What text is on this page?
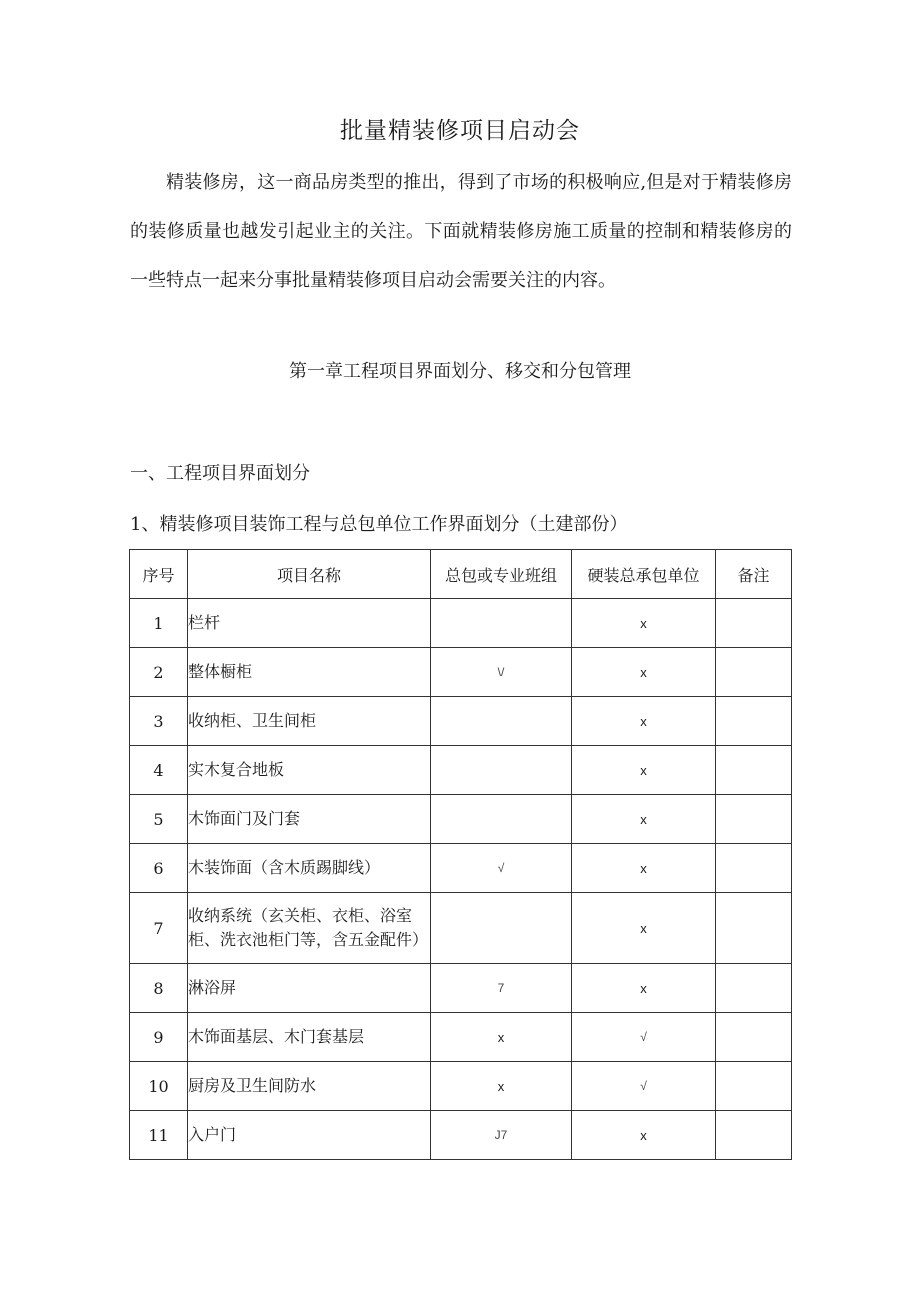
批量精装修项目启动会

精装修房，这一商品房类型的推出，得到了市场的积极响应,但是对于精装修房的装修质量也越发引起业主的关注。下面就精装修房施工质量的控制和精装修房的一些特点一起来分事批量精装修项目启动会需要关注的内容。

第一章工程项目界面划分、移交和分包管理
一、工程项目界面划分
1、精装修项目装饰工程与总包单位工作界面划分（土建部份）
序号	项目名称	总包或专业班组	硬装总承包单位	备注
1	栏杆		x	
2	整体橱柜	\/	x	
3	收纳柜、卫生间柜		x	
4	实木复合地板		x	
5	木饰面门及门套		x	
6	木装饰面（含木质踢脚线）	√	x	
7	收纳系统（玄关柜、衣柜、浴室柜、洗衣池柜门等，含五金配件）		x	
8	淋浴屏	7	x	
9	木饰面基层、木门套基层	x	√	
10	厨房及卫生间防水	x	√	
11	入户门	J7	x	
